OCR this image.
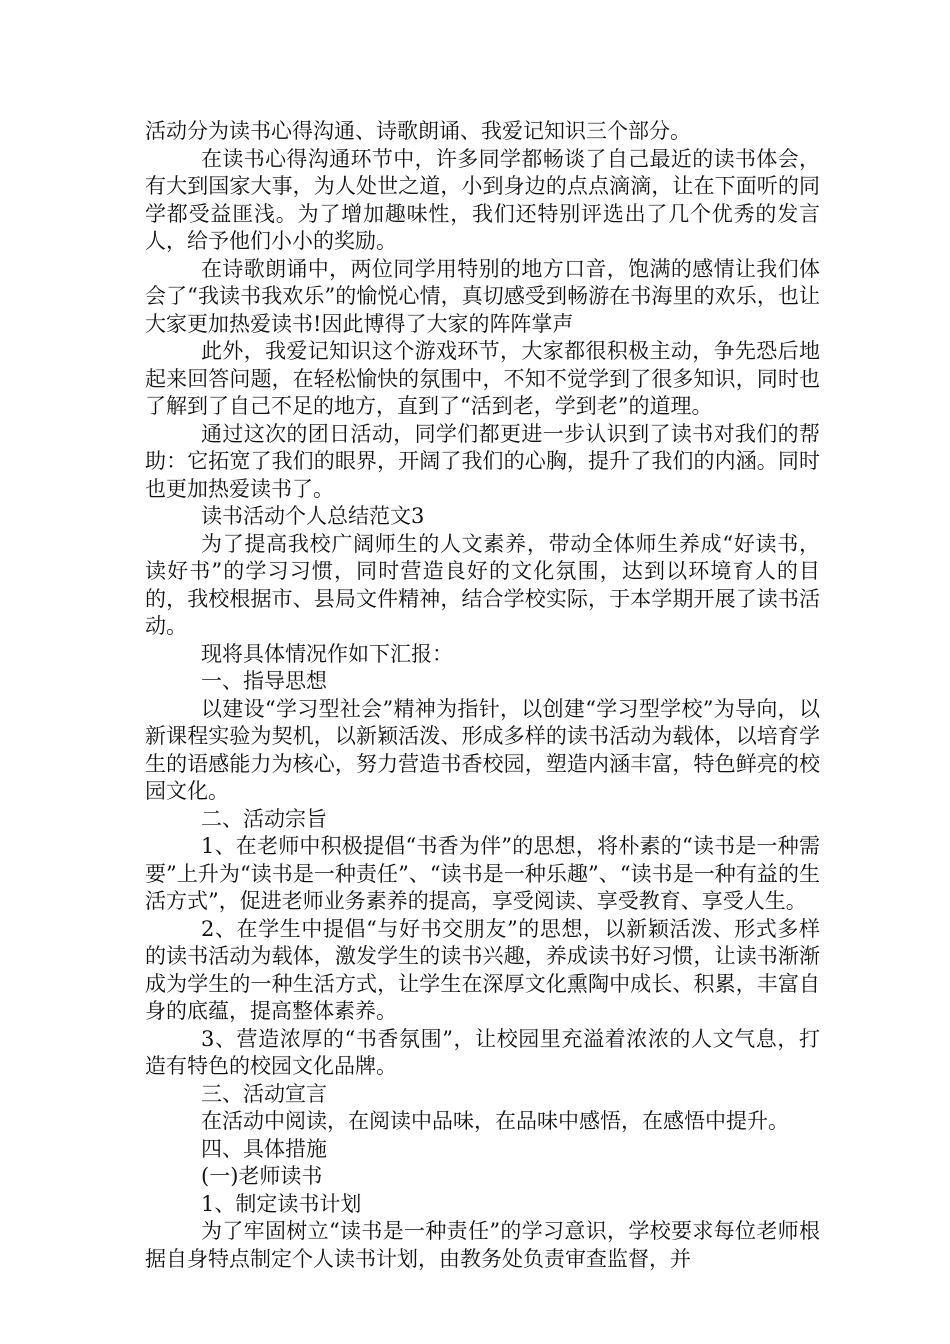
活动分为读书心得沟通、诗歌朗诵、我爱记知识三个部分。

在读书心得沟通环节中，许多同学都畅谈了自己最近的读书体会，有大到国家大事，为人处世之道，小到身边的点点滴滴，让在下面听的同学都受益匪浅。为了增加趣味性，我们还特别评选出了几个优秀的发言人，给予他们小小的奖励。

在诗歌朗诵中，两位同学用特别的地方口音，饱满的感情让我们体会了“我读书我欢乐”的愉悦心情，真切感受到畅游在书海里的欢乐，也让大家更加热爱读书!因此博得了大家的阵阵掌声

此外，我爱记知识这个游戏环节，大家都很积极主动，争先恐后地起来回答问题，在轻松愉快的氛围中，不知不觉学到了很多知识，同时也了解到了自己不足的地方，直到了“活到老，学到老”的道理。

通过这次的团日活动，同学们都更进一步认识到了读书对我们的帮助：它拓宽了我们的眼界，开阔了我们的心胸，提升了我们的内涵。同时也更加热爱读书了。

读书活动个人总结范文3

为了提高我校广阔师生的人文素养，带动全体师生养成“好读书，读好书”的学习习惯，同时营造良好的文化氛围，达到以环境育人的目的，我校根据市、县局文件精神，结合学校实际，于本学期开展了读书活动。

现将具体情况作如下汇报：

一、指导思想

以建设“学习型社会”精神为指针，以创建“学习型学校”为导向，以新课程实验为契机，以新颖活泼、形成多样的读书活动为载体，以培育学生的语感能力为核心，努力营造书香校园，塑造内涵丰富，特色鲜亮的校园文化。

二、活动宗旨

1、在老师中积极提倡“书香为伴”的思想，将朴素的“读书是一种需要”上升为“读书是一种责任”、“读书是一种乐趣”、“读书是一种有益的生活方式”，促进老师业务素养的提高，享受阅读、享受教育、享受人生。

2、在学生中提倡“与好书交朋友”的思想，以新颖活泼、形式多样的读书活动为载体，激发学生的读书兴趣，养成读书好习惯，让读书渐渐成为学生的一种生活方式，让学生在深厚文化熏陶中成长、积累，丰富自身的底蕴，提高整体素养。

3、营造浓厚的“书香氛围”，让校园里充溢着浓浓的人文气息，打造有特色的校园文化品牌。

三、活动宣言

在活动中阅读，在阅读中品味，在品味中感悟，在感悟中提升。

四、具体措施

(一)老师读书

1、制定读书计划

为了牢固树立“读书是一种责任”的学习意识，学校要求每位老师根据自身特点制定个人读书计划，由教务处负责审查监督，并
